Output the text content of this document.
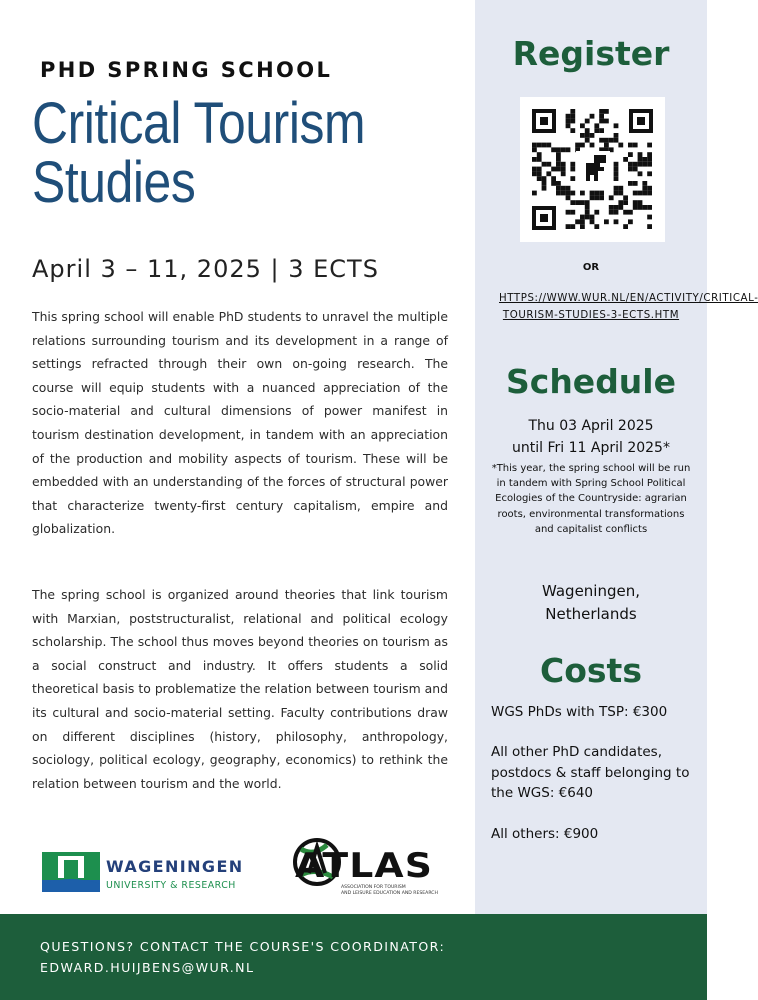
PHD SPRING SCHOOL
Critical Tourism Studies
April 3 – 11, 2025 | 3 ECTS

This spring school will enable PhD students to unravel the multiple relations surrounding tourism and its development in a range of settings refracted through their own on-going research. The course will equip students with a nuanced appreciation of the socio-material and cultural dimensions of power manifest in tourism destination development, in tandem with an appreciation of the production and mobility aspects of tourism. These will be embedded with an understanding of the forces of structural power that characterize twenty-first century capitalism, empire and globalization.

The spring school is organized around theories that link tourism with Marxian, poststructuralist, relational and political ecology scholarship. The school thus moves beyond theories on tourism as a social construct and industry. It offers students a solid theoretical basis to problematize the relation between tourism and its cultural and socio-material setting. Faculty contributions draw on different disciplines (history, philosophy, anthropology, sociology, political ecology, geography, economics) to rethink the relation between tourism and the world.

WAGENINGEN
UNIVERSITY & RESEARCH ATLAS
ASSOCIATION FOR TOURISM
AND LEISURE EDUCATION AND RESEARCH
Register
OR
HTTPS://WWW.WUR.NL/EN/ACTIVITY/CRITICAL-TOURISM-STUDIES-3-ECTS.HTM
Schedule
Thu 03 April 2025
until Fri 11 April 2025*
*This year, the spring school will be run in tandem with Spring School Political Ecologies of the Countryside: agrarian roots, environmental transformations and capitalist conflicts
Wageningen, Netherlands
Costs
WGS PhDs with TSP: €300
All other PhD candidates, postdocs & staff belonging to the WGS: €640
All others: €900
QUESTIONS? CONTACT THE COURSE'S COORDINATOR:
EDWARD.HUIJBENS@WUR.NL
